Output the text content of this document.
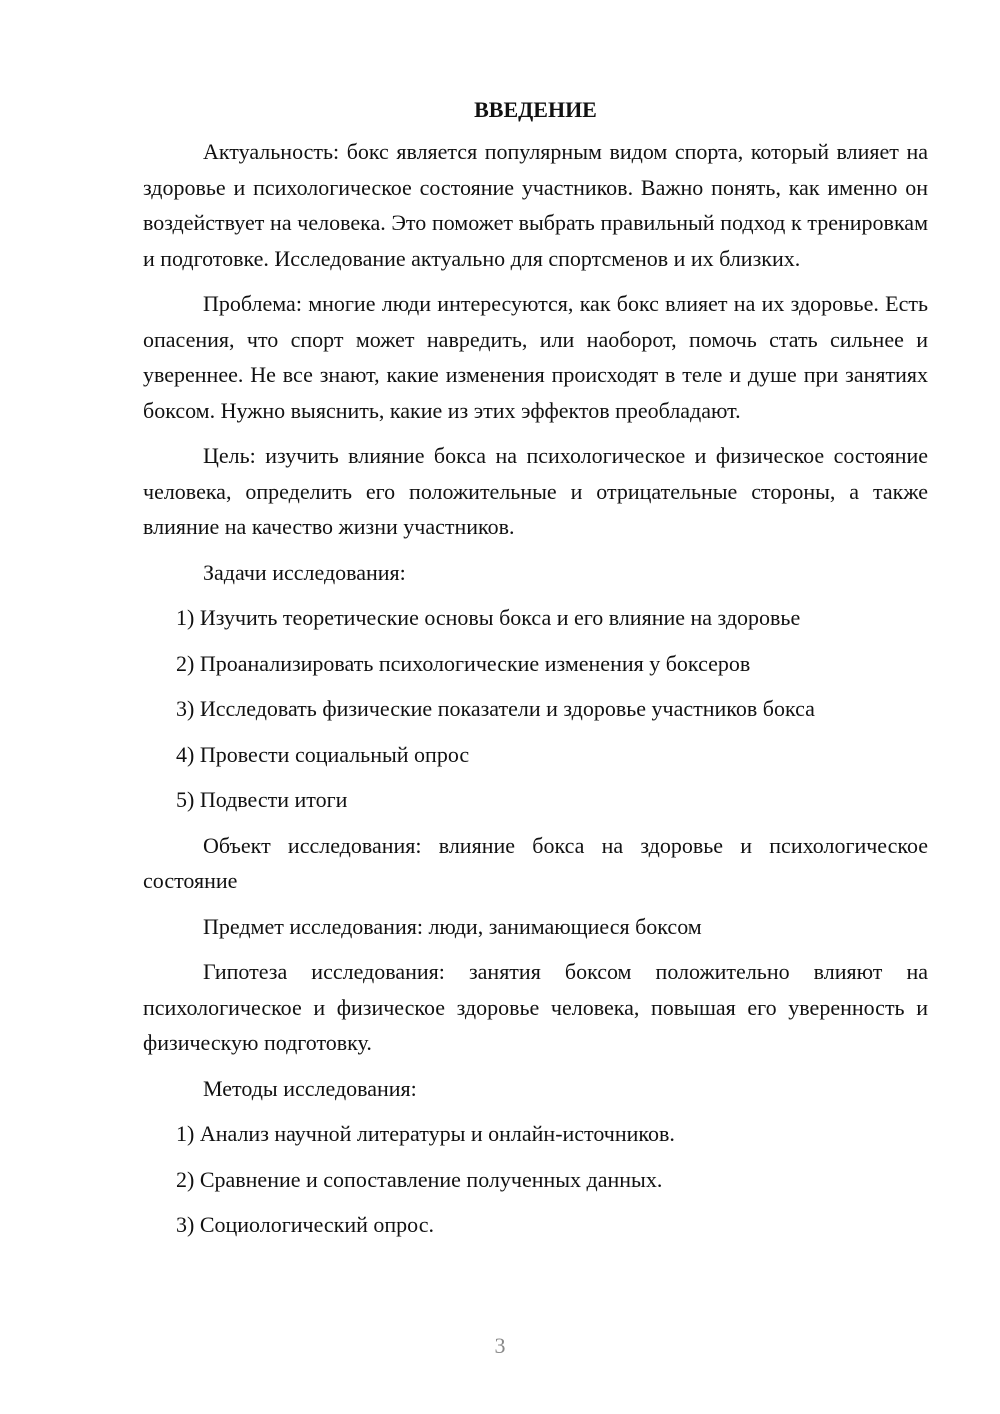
ВВЕДЕНИЕ

Актуальность: бокс является популярным видом спорта, который влияет на здоровье и психологическое состояние участников. Важно понять, как именно он воздействует на человека. Это поможет выбрать правильный подход к тренировкам и подготовке. Исследование актуально для спортсменов и их близких.

Проблема: многие люди интересуются, как бокс влияет на их здоровье. Есть опасения, что спорт может навредить, или наоборот, помочь стать сильнее и увереннее. Не все знают, какие изменения происходят в теле и душе при занятиях боксом. Нужно выяснить, какие из этих эффектов преобладают.

Цель: изучить влияние бокса на психологическое и физическое состояние человека, определить его положительные и отрицательные стороны, а также влияние на качество жизни участников.

Задачи исследования:

1) Изучить теоретические основы бокса и его влияние на здоровье
2) Проанализировать психологические изменения у боксеров
3) Исследовать физические показатели и здоровье участников бокса
4) Провести социальный опрос
5) Подвести итоги

Объект исследования: влияние бокса на здоровье и психологическое состояние

Предмет исследования: люди, занимающиеся боксом

Гипотеза исследования: занятия боксом положительно влияют на психологическое и физическое здоровье человека, повышая его уверенность и физическую подготовку.

Методы исследования:

1) Анализ научной литературы и онлайн-источников.
2) Сравнение и сопоставление полученных данных.
3) Социологический опрос.
3
